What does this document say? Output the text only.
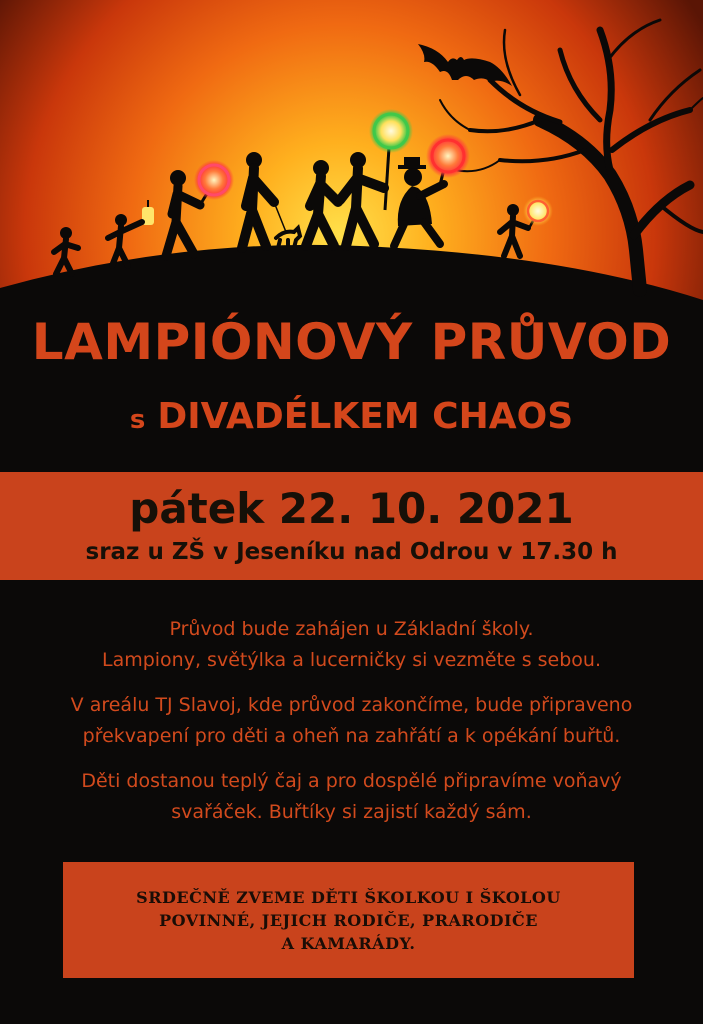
LAMPIÓNOVÝ PRŮVOD
s DIVADÉLKEM CHAOS
pátek 22. 10. 2021
sraz u ZŠ v Jeseníku nad Odrou v 17.30 h

Průvod bude zahájen u Základní školy.
Lampiony, světýlka a lucerničky si vezměte s sebou.

V areálu TJ Slavoj, kde průvod zakončíme, bude připraveno
překvapení pro děti a oheň na zahřátí a k opékání buřtů.

Děti dostanou teplý čaj a pro dospělé připravíme voňavý
svařáček. Buřtíky si zajistí každý sám.

SRDEČNĚ ZVEME DĚTI ŠKOLKOU I ŠKOLOU
POVINNÉ, JEJICH RODIČE, PRARODIČE
A KAMARÁDY.
